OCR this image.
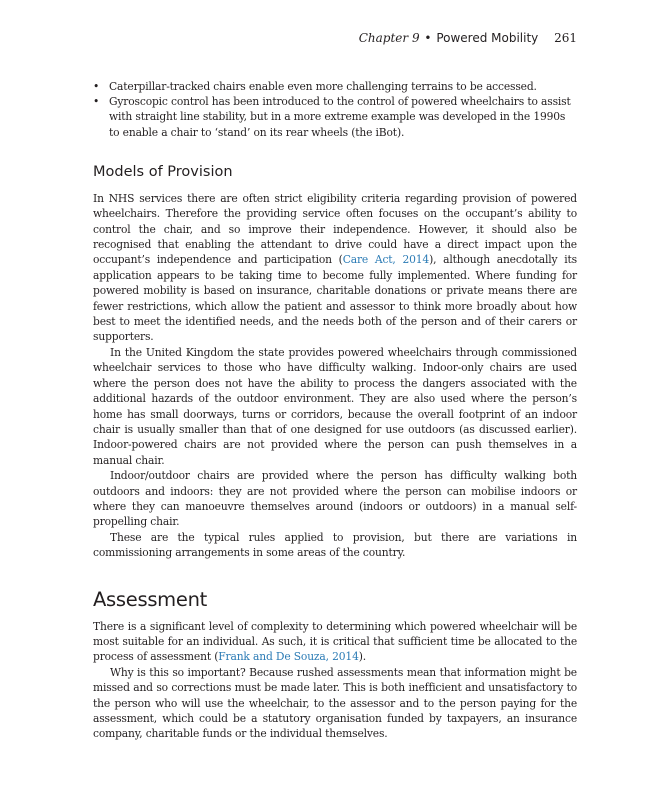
Chapter 9 • Powered Mobility 261
• Caterpillar-tracked chairs enable even more challenging terrains to be accessed.
• Gyroscopic control has been introduced to the control of powered wheelchairs to assist with straight line stability, but in a more extreme example was developed in the 1990s to enable a chair to ‘stand’ on its rear wheels (the iBot).
Models of Provision

In NHS services there are often strict eligibility criteria regarding provision of powered wheelchairs. Therefore the providing service often focuses on the occupant’s ability to control the chair, and so improve their independence. However, it should also be recognised that enabling the attendant to drive could have a direct impact upon the occupant’s independence and participation (Care Act, 2014), although anecdotally its application appears to be taking time to become fully implemented. Where funding for powered mobility is based on insurance, charitable donations or private means there are fewer restrictions, which allow the patient and assessor to think more broadly about how best to meet the identified needs, and the needs both of the person and of their carers or supporters.

In the United Kingdom the state provides powered wheelchairs through commissioned wheelchair services to those who have difficulty walking. Indoor-only chairs are used where the person does not have the ability to process the dangers associated with the additional hazards of the outdoor environment. They are also used where the person’s home has small doorways, turns or corridors, because the overall footprint of an indoor chair is usually smaller than that of one designed for use outdoors (as discussed earlier). Indoor-powered chairs are not provided where the person can push themselves in a manual chair.

Indoor/outdoor chairs are provided where the person has difficulty walking both outdoors and indoors: they are not provided where the person can mobilise indoors or where they can manoeuvre themselves around (indoors or outdoors) in a manual self-propelling chair.

These are the typical rules applied to provision, but there are variations in commissioning arrangements in some areas of the country.

Assessment

There is a significant level of complexity to determining which powered wheelchair will be most suitable for an individual. As such, it is critical that sufficient time be allocated to the process of assessment (Frank and De Souza, 2014).

Why is this so important? Because rushed assessments mean that information might be missed and so corrections must be made later. This is both inefficient and unsatisfactory to the person who will use the wheelchair, to the assessor and to the person paying for the assessment, which could be a statutory organisation funded by taxpayers, an insurance company, charitable funds or the individual themselves.
